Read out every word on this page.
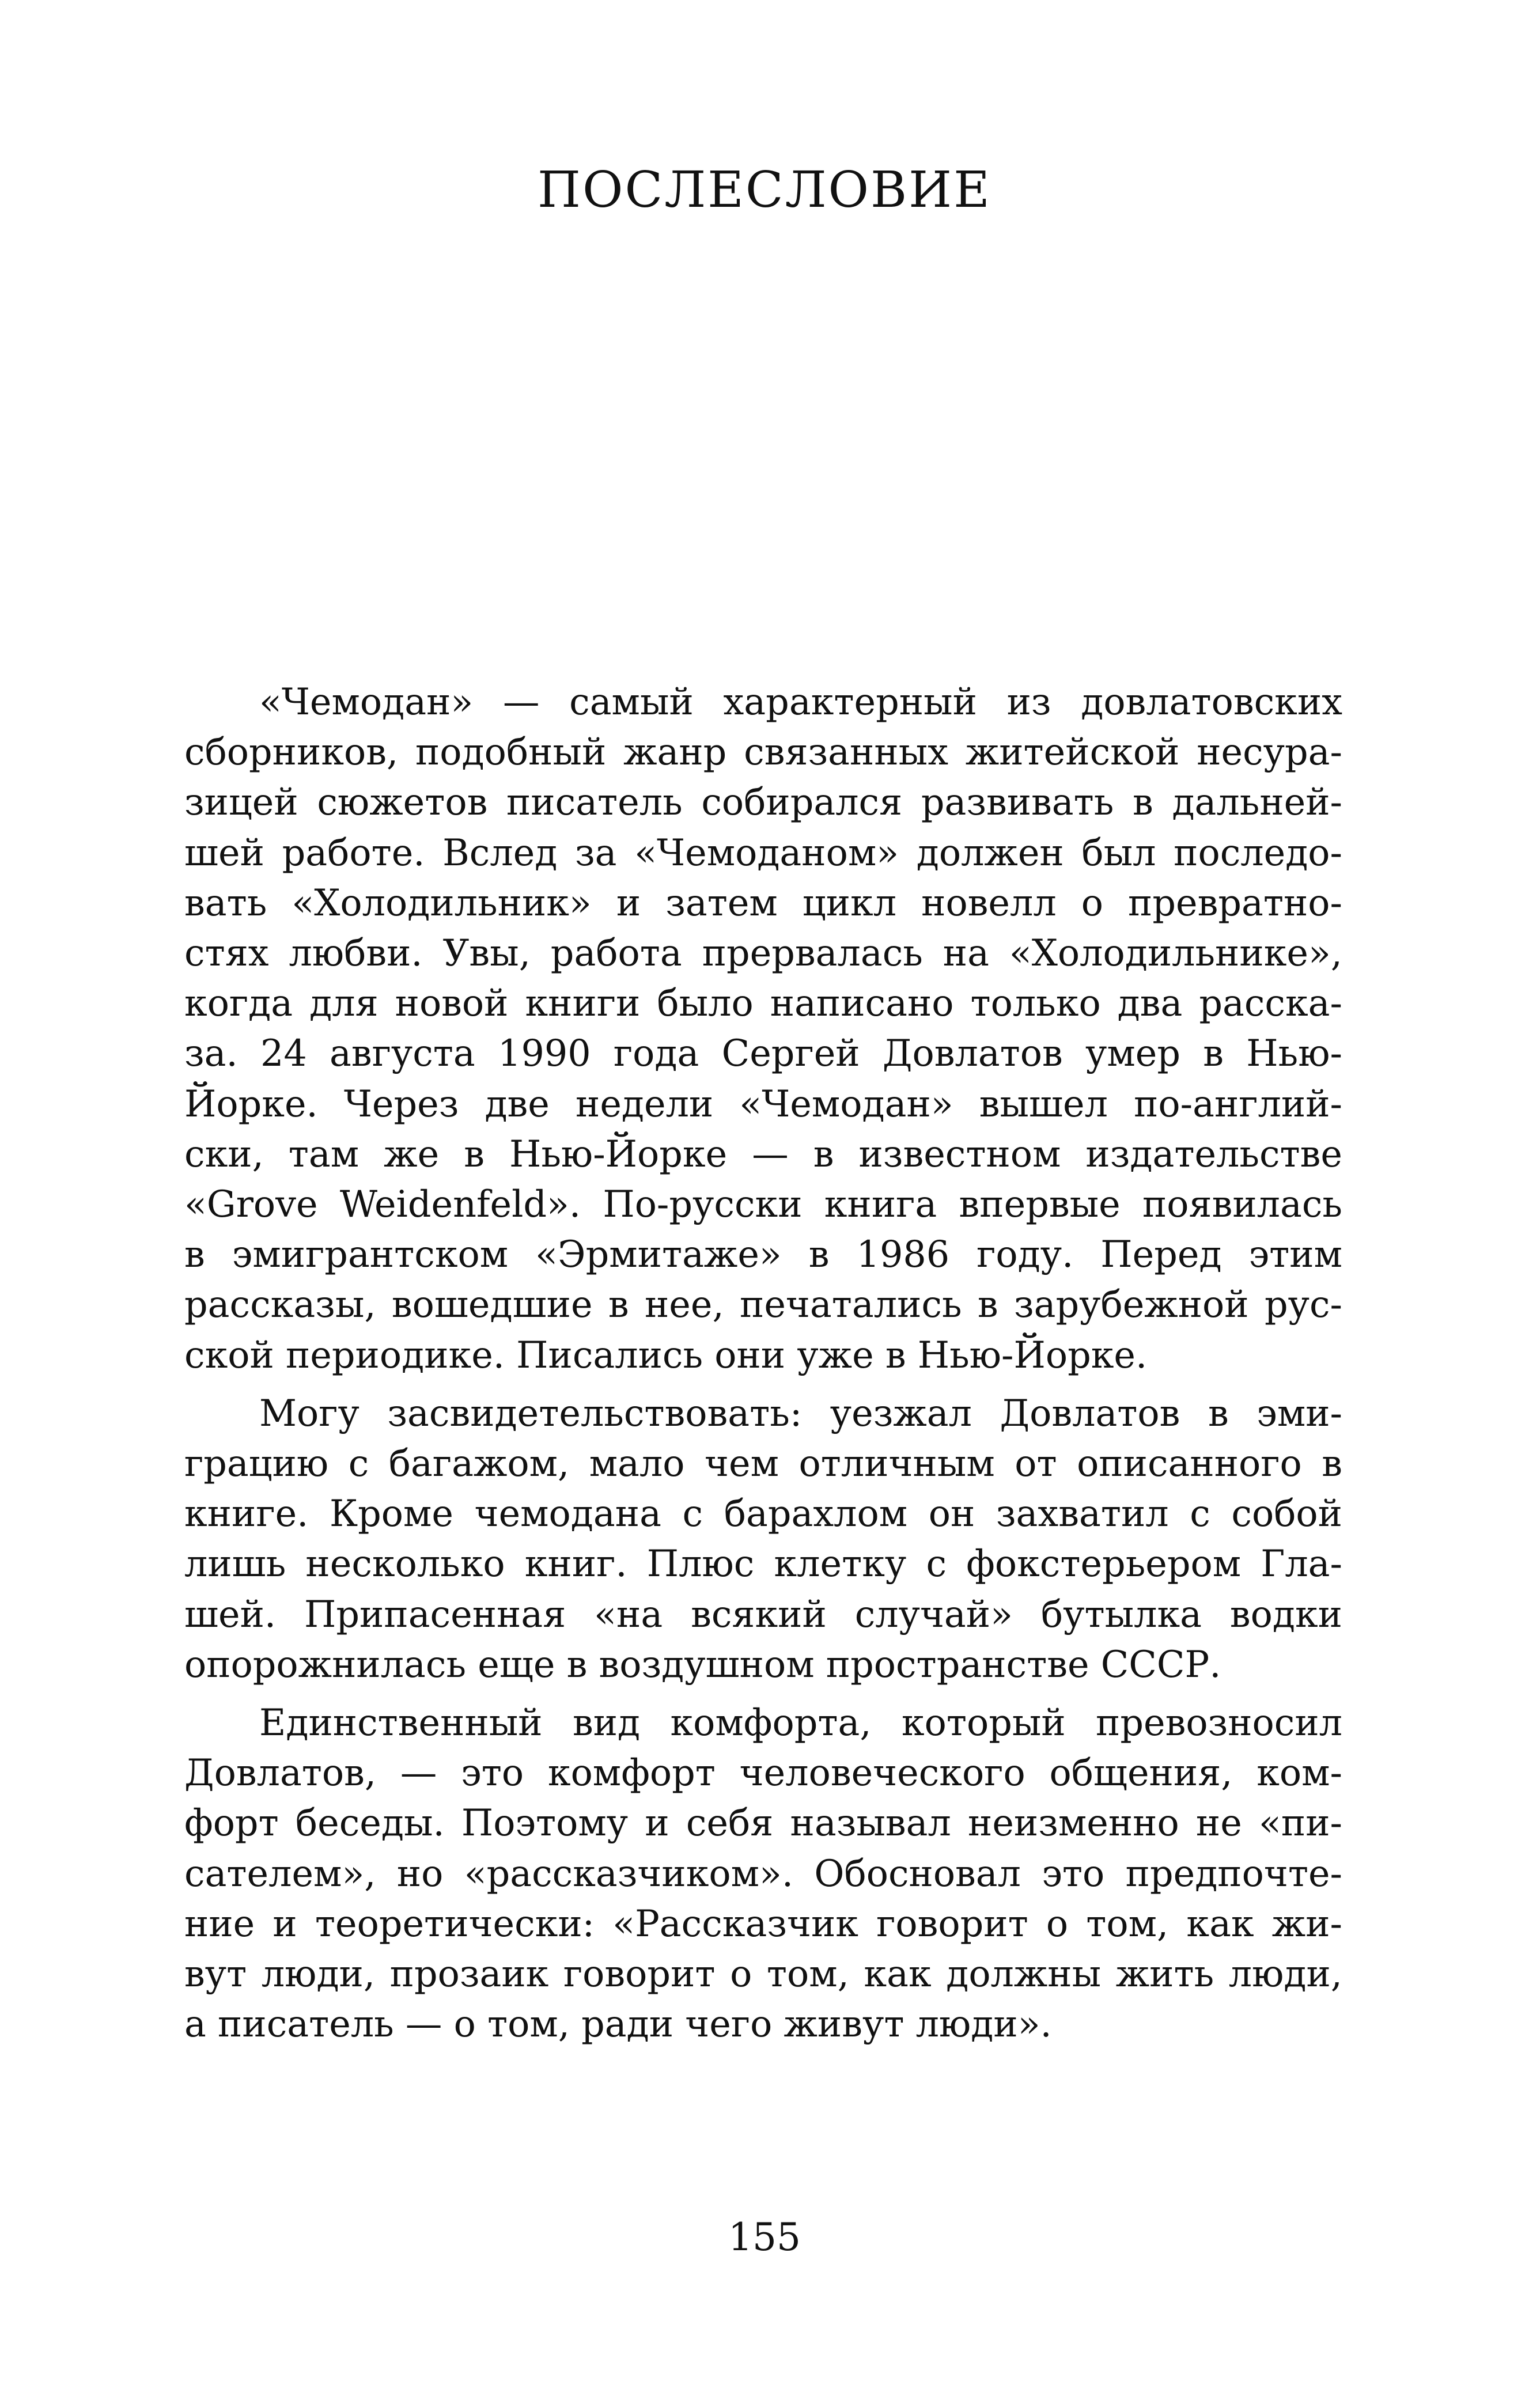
ПОСЛЕСЛОВИЕ

«Чемодан» — самый характерный из довлатовских
сборников, подобный жанр связанных житейской несура-
зицей сюжетов писатель собирался развивать в дальней-
шей работе. Вслед за «Чемоданом» должен был последо-
вать «Холодильник» и затем цикл новелл о превратно-
стях любви. Увы, работа прервалась на «Холодильнике»,
когда для новой книги было написано только два расска-
за. 24 августа 1990 года Сергей Довлатов умер в Нью-
Йорке. Через две недели «Чемодан» вышел по-англий-
ски, там же в Нью-Йорке — в известном издательстве
«Grove Weidenfeld». По-русски книга впервые появилась
в эмигрантском «Эрмитаже» в 1986 году. Перед этим
рассказы, вошедшие в нее, печатались в зарубежной рус-
ской периодике. Писались они уже в Нью-Йорке.

Могу засвидетельствовать: уезжал Довлатов в эми-
грацию с багажом, мало чем отличным от описанного в
книге. Кроме чемодана с барахлом он захватил с собой
лишь несколько книг. Плюс клетку с фокстерьером Гла-
шей. Припасенная «на всякий случай» бутылка водки
опорожнилась еще в воздушном пространстве СССР.

Единственный вид комфорта, который превозносил
Довлатов, — это комфорт человеческого общения, ком-
форт беседы. Поэтому и себя называл неизменно не «пи-
сателем», но «рассказчиком». Обосновал это предпочте-
ние и теоретически: «Рассказчик говорит о том, как жи-
вут люди, прозаик говорит о том, как должны жить люди,
а писатель — о том, ради чего живут люди».

155
